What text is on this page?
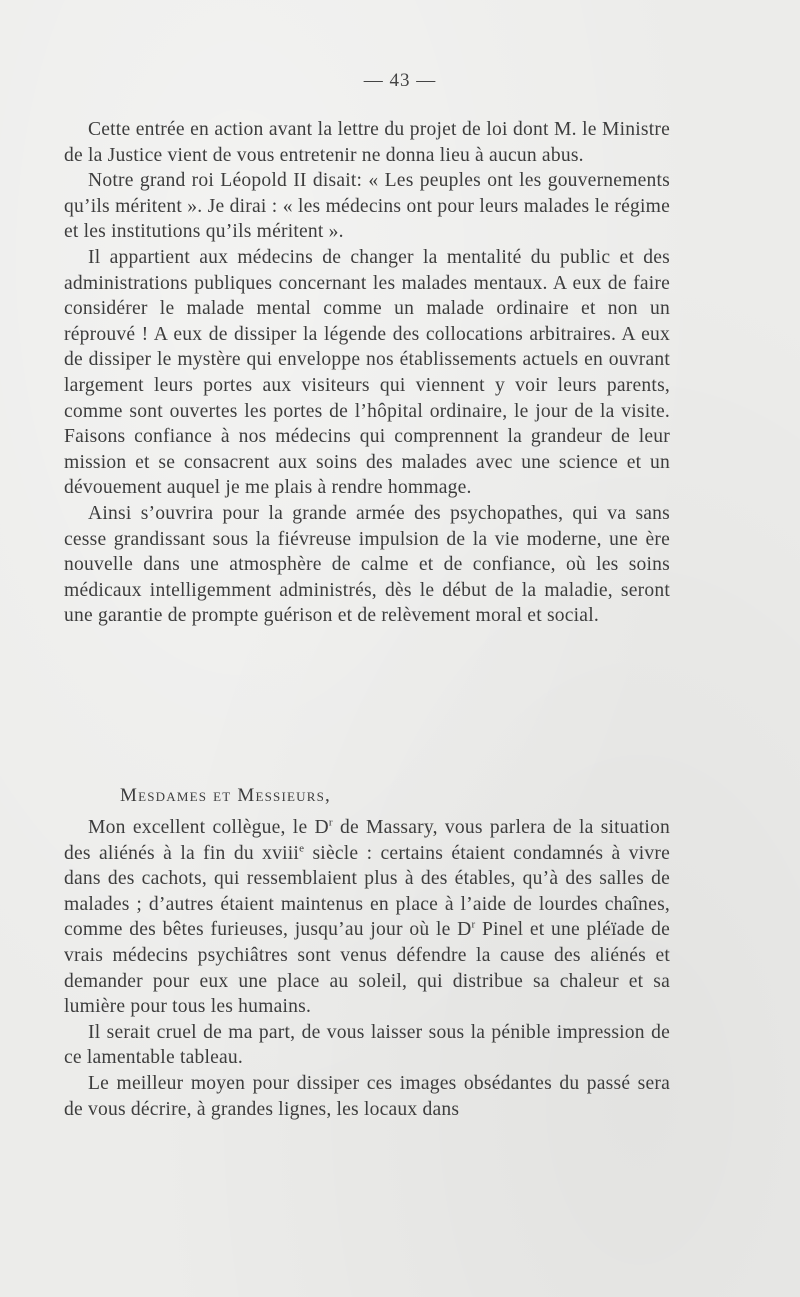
— 43 —

Cette entrée en action avant la lettre du projet de loi dont M. le Ministre de la Justice vient de vous entretenir ne donna lieu à aucun abus.

Notre grand roi Léopold II disait: « Les peuples ont les gouvernements qu’ils méritent ». Je dirai : « les médecins ont pour leurs malades le régime et les institutions qu’ils méritent ».

Il appartient aux médecins de changer la mentalité du public et des administrations publiques concernant les malades mentaux. A eux de faire considérer le malade mental comme un malade ordinaire et non un réprouvé ! A eux de dissiper la légende des collocations arbitraires. A eux de dissiper le mystère qui enveloppe nos établissements actuels en ouvrant largement leurs portes aux visiteurs qui viennent y voir leurs parents, comme sont ouvertes les portes de l’hôpital ordinaire, le jour de la visite. Faisons confiance à nos médecins qui comprennent la grandeur de leur mission et se consacrent aux soins des malades avec une science et un dévouement auquel je me plais à rendre hommage.

Ainsi s’ouvrira pour la grande armée des psychopathes, qui va sans cesse grandissant sous la fiévreuse impulsion de la vie moderne, une ère nouvelle dans une atmosphère de calme et de confiance, où les soins médicaux intelligemment administrés, dès le début de la maladie, seront une garantie de prompte guérison et de relèvement moral et social.

Mesdames et Messieurs,

Mon excellent collègue, le $D^r$ de Massary, vous parlera de la situation des aliénés à la fin du xviii$^e$ siècle : certains étaient condamnés à vivre dans des cachots, qui ressemblaient plus à des étables, qu’à des salles de malades ; d’autres étaient maintenus en place à l’aide de lourdes chaînes, comme des bêtes furieuses, jusqu’au jour où le $D^r$ Pinel et une pléïade de vrais médecins psychiâtres sont venus défendre la cause des aliénés et demander pour eux une place au soleil, qui distribue sa chaleur et sa lumière pour tous les humains.

Il serait cruel de ma part, de vous laisser sous la pénible impression de ce lamentable tableau.

Le meilleur moyen pour dissiper ces images obsédantes du passé sera de vous décrire, à grandes lignes, les locaux dans
